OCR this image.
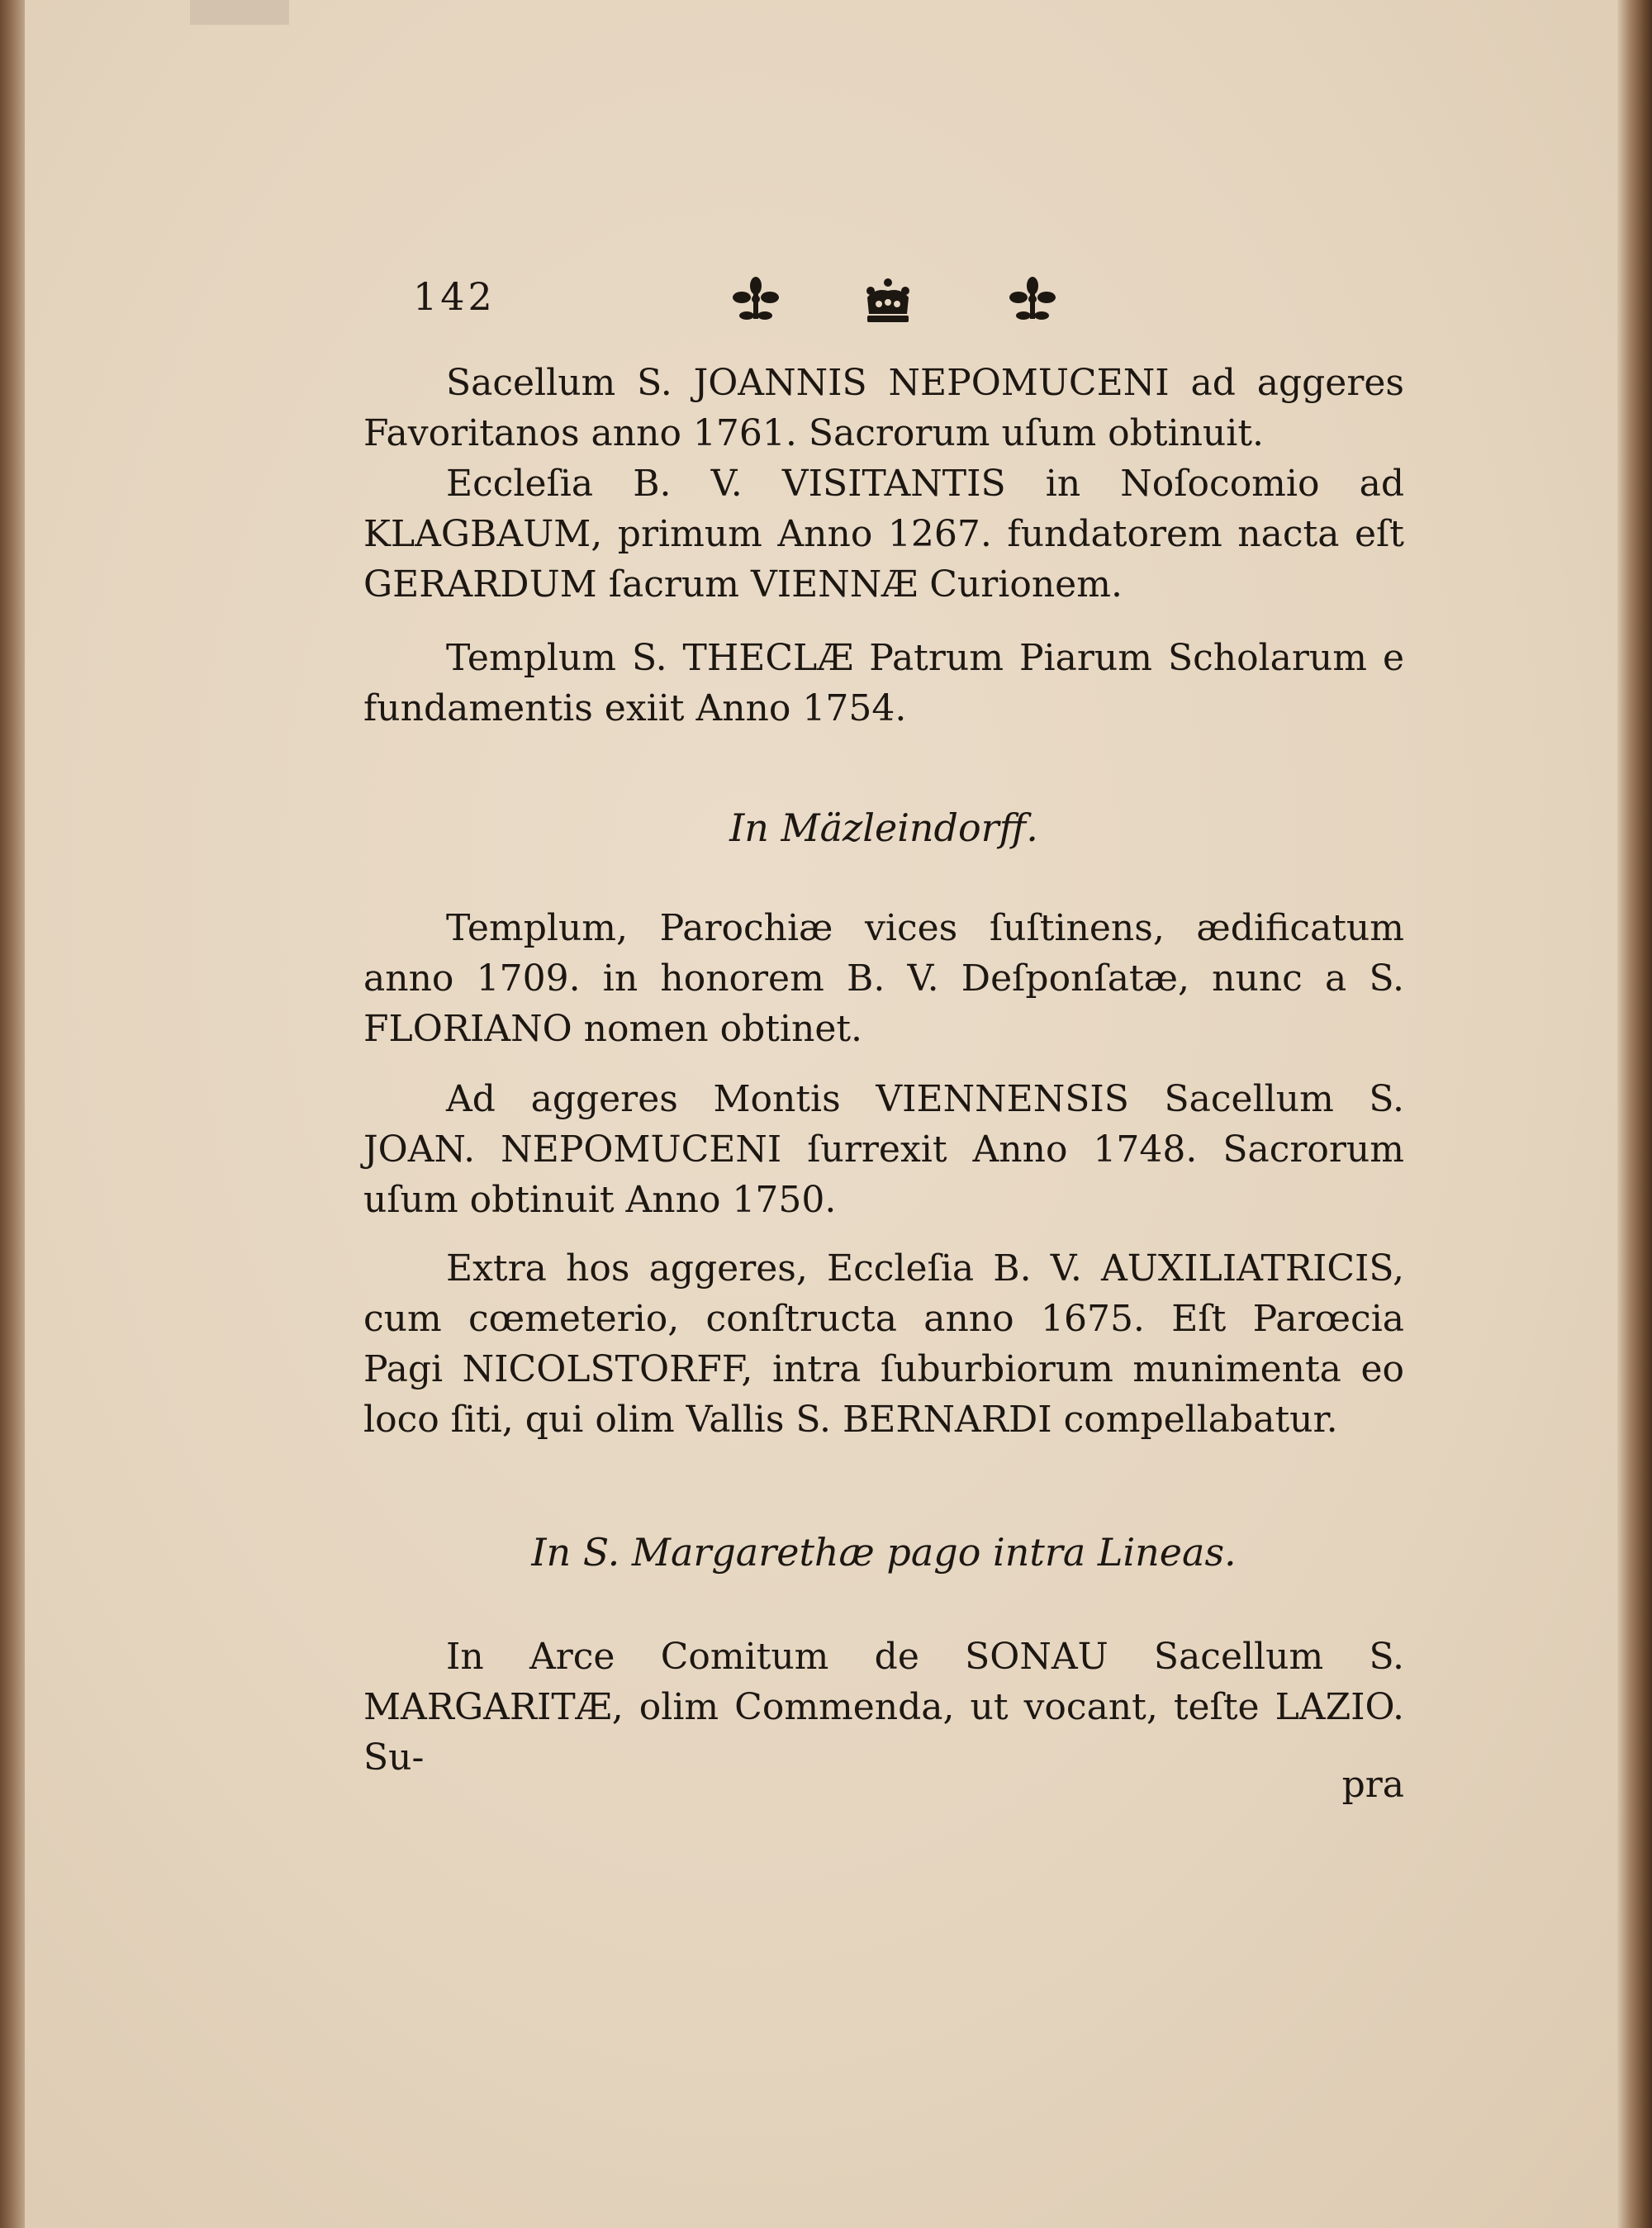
142

Sacellum S. JOANNIS NEPOMUCENI ad aggeres Favoritanos anno 1761. Sacrorum uſum obtinuit.

Eccleſia B. V. VISITANTIS in Noſocomio ad KLAGBAUM, primum Anno 1267. fundatorem nacta eſt GERARDUM ſacrum VIENNÆ Curionem.

Templum S. THECLÆ Patrum Piarum Scholarum e fundamentis exiit Anno 1754.

In Mäzleindorff.

Templum, Parochiæ vices ſuſtinens, ædificatum anno 1709. in honorem B. V. Deſponſatæ, nunc a S. FLORIANO nomen obtinet.

Ad aggeres Montis VIENNENSIS Sacellum S. JOAN. NEPOMUCENI ſurrexit Anno 1748. Sacrorum uſum obtinuit Anno 1750.

Extra hos aggeres, Eccleſia B. V. AUXILIATRICIS, cum cœmeterio, conſtructa anno 1675. Eſt Parœcia Pagi NICOLSTORFF, intra ſuburbiorum munimenta eo loco ſiti, qui olim Vallis S. BERNARDI compellabatur.

In S. Margarethæ pago intra Lineas.

In Arce Comitum de SONAU Sacellum S. MARGARITÆ, olim Commenda, ut vocant, teſte LAZIO. Su-

pra
